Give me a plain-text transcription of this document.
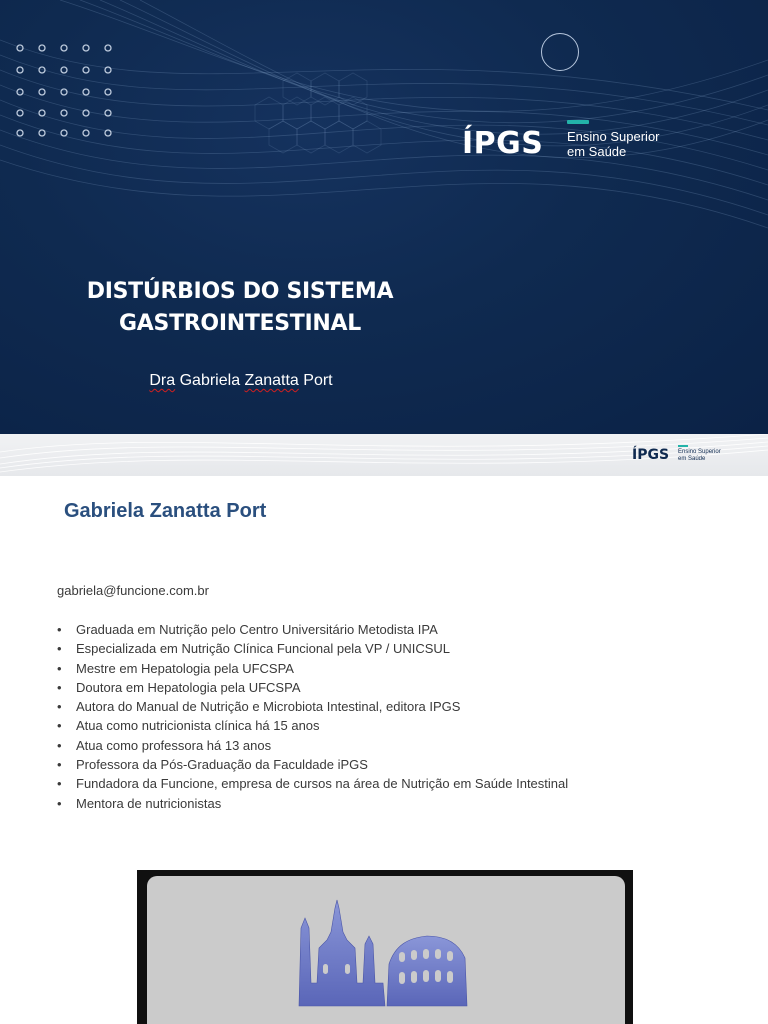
ÍPGS Ensino Superior
em Saúde
DISTÚRBIOS DO SISTEMA
GASTROINTESTINAL
Dra Gabriela Zanatta Port
ÍPGS Ensino Superior
em Saúde
Gabriela Zanatta Port
gabriela@funcione.com.br
• Graduada em Nutrição pelo Centro Universitário Metodista IPA
• Especializada em Nutrição Clínica Funcional pela VP / UNICSUL
• Mestre em Hepatologia pela UFCSPA
• Doutora em Hepatologia pela UFCSPA
• Autora do Manual de Nutrição e Microbiota Intestinal, editora IPGS
• Atua como nutricionista clínica há 15 anos
• Atua como professora há 13 anos
• Professora da Pós-Graduação da Faculdade iPGS
• Fundadora da Funcione, empresa de cursos na área de Nutrição em Saúde Intestinal
• Mentora de nutricionistas
